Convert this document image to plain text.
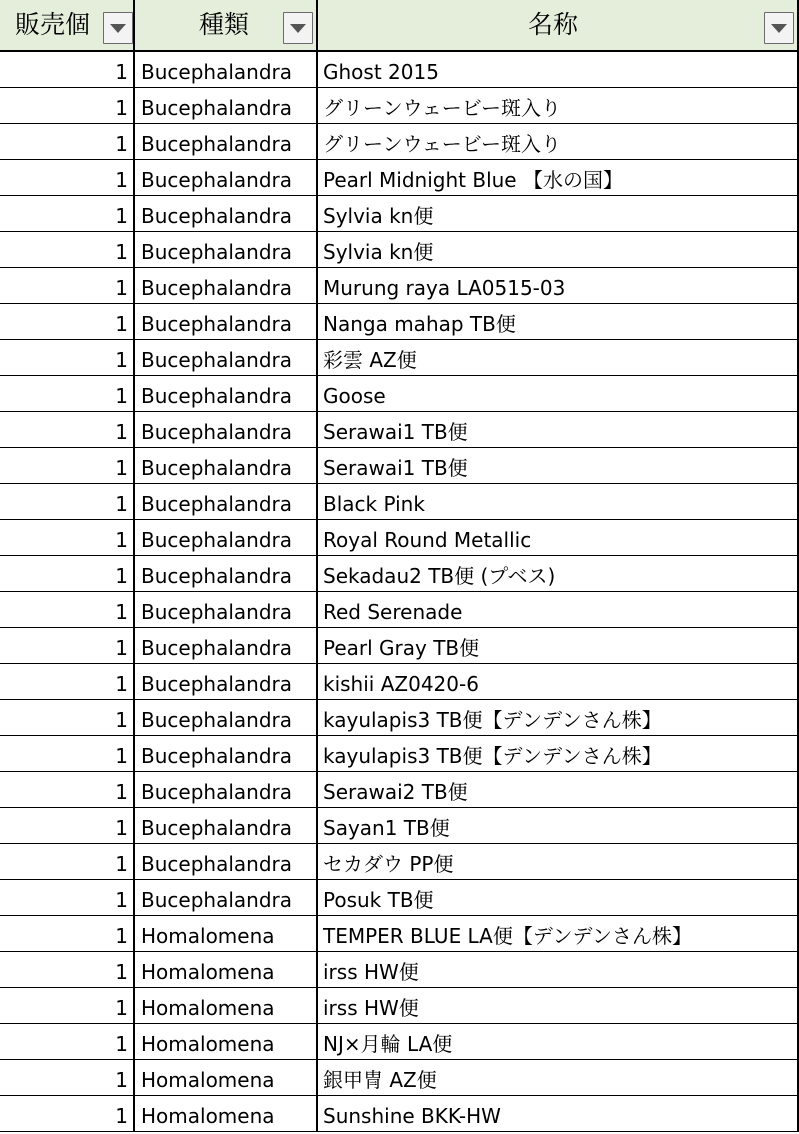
販売個	種類	名称
1 Bucephalandra Ghost 2015
1 Bucephalandra グリーンウェービー斑入り
1 Bucephalandra グリーンウェービー斑入り
1 Bucephalandra Pearl Midnight Blue 【水の国】
1 Bucephalandra Sylvia kn便
1 Bucephalandra Sylvia kn便
1 Bucephalandra Murung raya LA0515-03
1 Bucephalandra Nanga mahap TB便
1 Bucephalandra 彩雲 AZ便
1 Bucephalandra Goose
1 Bucephalandra Serawai1 TB便
1 Bucephalandra Serawai1 TB便
1 Bucephalandra Black Pink
1 Bucephalandra Royal Round Metallic
1 Bucephalandra Sekadau2 TB便 (プベス)
1 Bucephalandra Red Serenade
1 Bucephalandra Pearl Gray TB便
1 Bucephalandra kishii AZ0420-6
1 Bucephalandra kayulapis3 TB便【デンデンさん株】
1 Bucephalandra kayulapis3 TB便【デンデンさん株】
1 Bucephalandra Serawai2 TB便
1 Bucephalandra Sayan1 TB便
1 Bucephalandra セカダウ PP便
1 Bucephalandra Posuk TB便
1 Homalomena TEMPER BLUE LA便【デンデンさん株】
1 Homalomena irss HW便
1 Homalomena irss HW便
1 Homalomena NJ×月輪 LA便
1 Homalomena 銀甲冑 AZ便
1 Homalomena Sunshine BKK-HW
